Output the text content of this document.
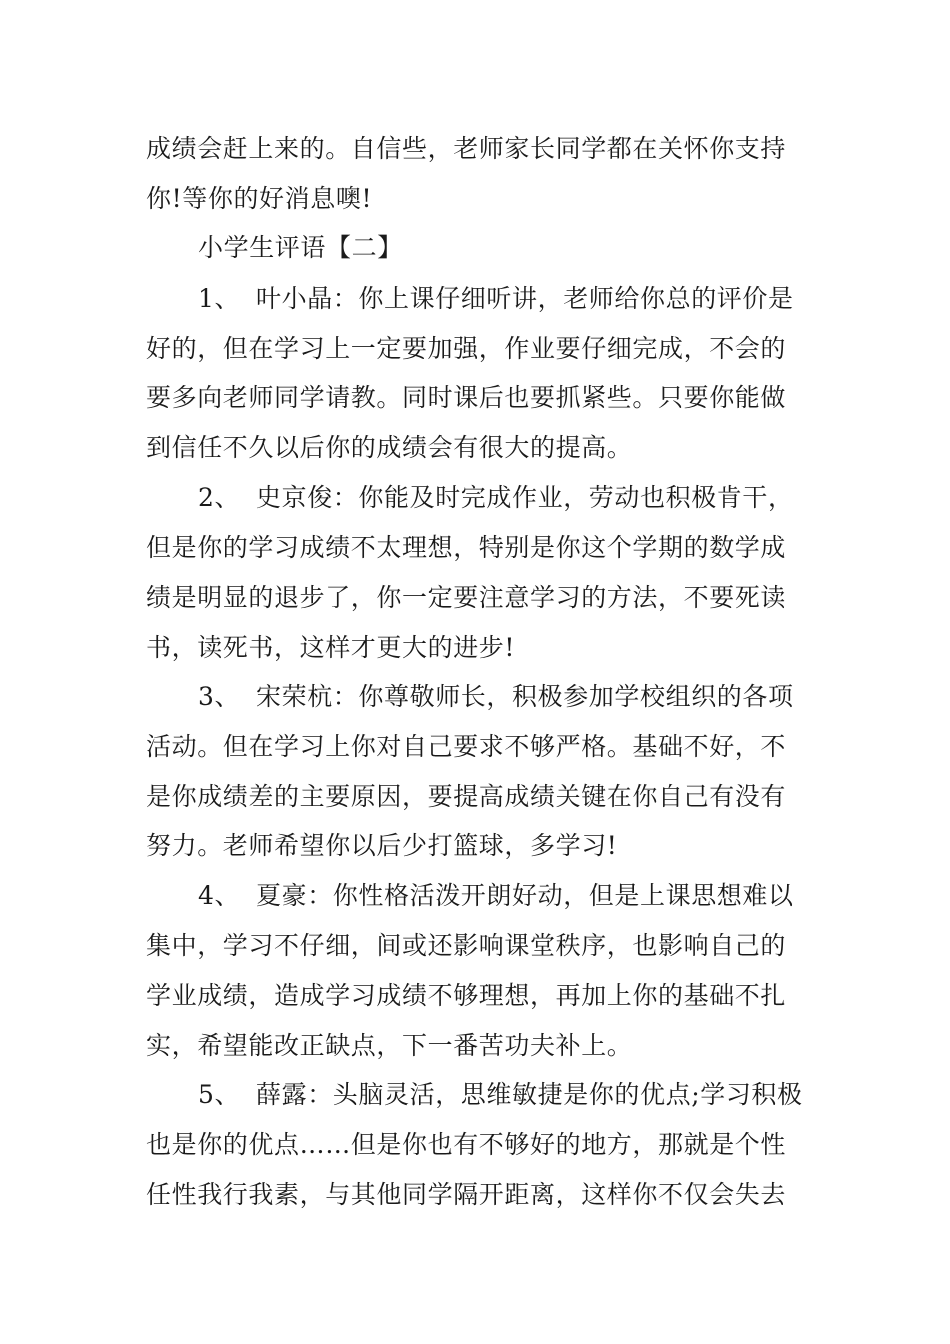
成绩会赶上来的。自信些，老师家长同学都在关怀你支持
你!等你的好消息噢!
小学生评语【二】
1、 叶小晶：你上课仔细听讲，老师给你总的评价是
好的，但在学习上一定要加强，作业要仔细完成，不会的
要多向老师同学请教。同时课后也要抓紧些。只要你能做
到信任不久以后你的成绩会有很大的提高。
2、 史京俊：你能及时完成作业，劳动也积极肯干，
但是你的学习成绩不太理想，特别是你这个学期的数学成
绩是明显的退步了，你一定要注意学习的方法，不要死读
书，读死书，这样才更大的进步!
3、 宋荣杭：你尊敬师长，积极参加学校组织的各项
活动。但在学习上你对自己要求不够严格。基础不好，不
是你成绩差的主要原因，要提高成绩关键在你自己有没有
努力。老师希望你以后少打篮球，多学习!
4、 夏豪：你性格活泼开朗好动，但是上课思想难以
集中，学习不仔细，间或还影响课堂秩序，也影响自己的
学业成绩，造成学习成绩不够理想，再加上你的基础不扎
实，希望能改正缺点，下一番苦功夫补上。
5、 薛露：头脑灵活，思维敏捷是你的优点;学习积极
也是你的优点……但是你也有不够好的地方，那就是个性
任性我行我素，与其他同学隔开距离，这样你不仅会失去
